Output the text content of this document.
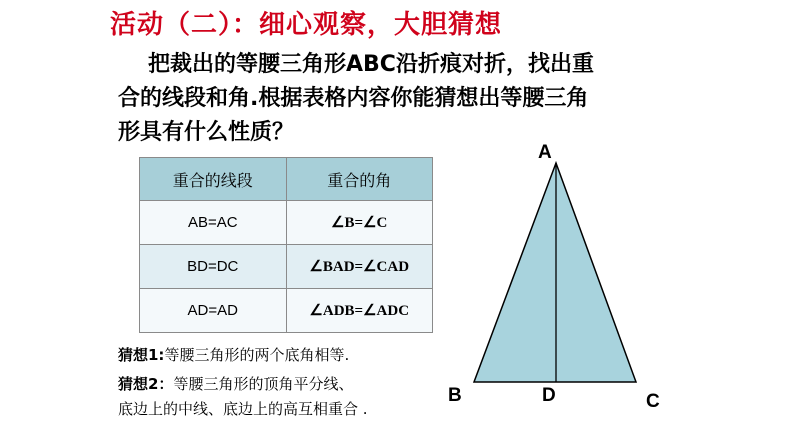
活动（二）：细心观察，大胆猜想
把裁出的等腰三角形ABC沿折痕对折，找出重
合的线段和角.根据表格内容你能猜想出等腰三角
形具有什么性质？
重合的线段	重合的角
AB=AC	∠B=∠C
BD=DC	∠BAD=∠CAD
AD=AD	∠ADB=∠ADC
猜想1:等腰三角形的两个底角相等.
猜想2：等腰三角形的顶角平分线、
底边上的中线、底边上的高互相重合 .
A
B	D	C
